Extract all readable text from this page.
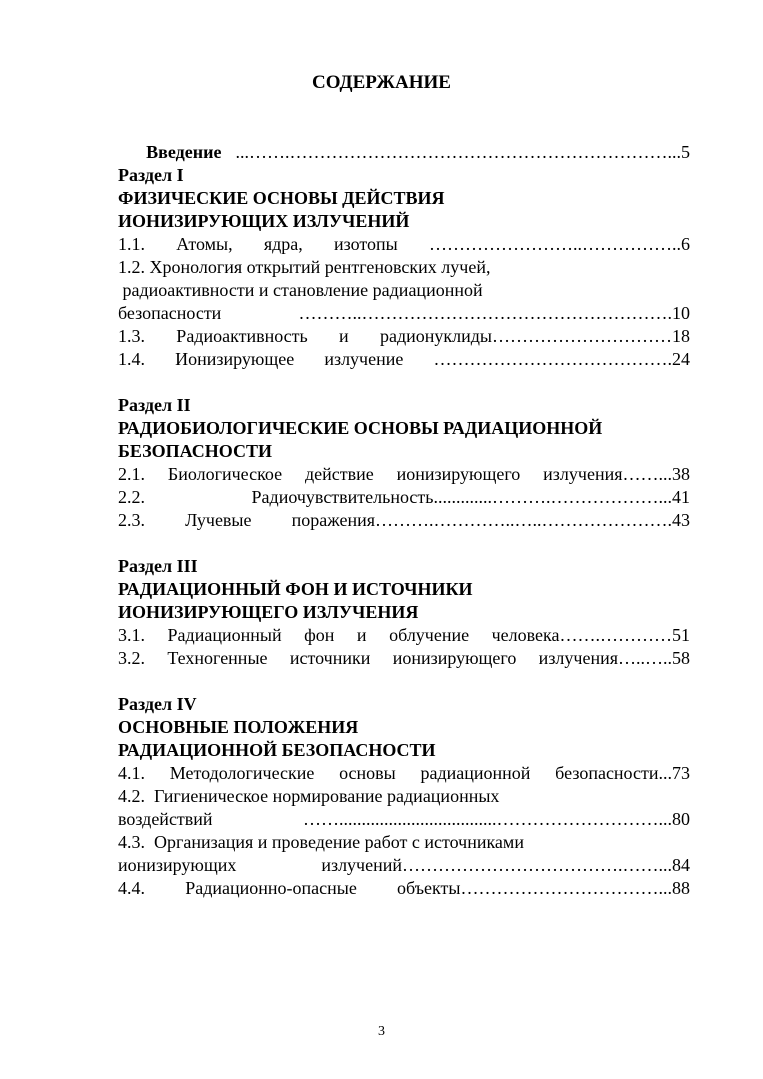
СОДЕРЖАНИЕ

Введение  ...…….………………………………………………………...5

Раздел I
ФИЗИЧЕСКИЕ ОСНОВЫ ДЕЙСТВИЯ
ИОНИЗИРУЮЩИХ ИЗЛУЧЕНИЙ
1.1.  Атомы,  ядра,  изотопы  ……………………..……………..6
1.2. Хронология открытий рентгеновских лучей,
радиоактивности и становление радиационной
безопасности  ………..…………………………………………….10
1.3.  Радиоактивность  и  радионуклиды…………………………18
1.4.  Ионизирующее  излучение  ………………………………….24
Раздел II
РАДИОБИОЛОГИЧЕСКИЕ ОСНОВЫ РАДИАЦИОННОЙ
БЕЗОПАСНОСТИ
2.1. Биологическое действие ионизирующего излучения……...38
2.2. Радиочувствительность.............……….………………...41
2.3. Лучевые поражения……….…………..…..………………….43
Раздел III
РАДИАЦИОННЫЙ ФОН И ИСТОЧНИКИ
ИОНИЗИРУЮЩЕГО ИЗЛУЧЕНИЯ
3.1.  Радиационный  фон  и  облучение  человека…….…………51
3.2. Техногенные источники ионизирующего излучения…..…..58
Раздел IV
ОСНОВНЫЕ ПОЛОЖЕНИЯ
РАДИАЦИОННОЙ БЕЗОПАСНОСТИ
4.1.  Методологические  основы  радиационной  безопасности...73
4.2.  Гигиеническое нормирование радиационных
воздействий  ……...................................………………………...80
4.3.  Организация и проведение работ с источниками
ионизирующих    излучений……………………………….……...84
4.4. Радиационно-опасные объекты……………………………...88
3
